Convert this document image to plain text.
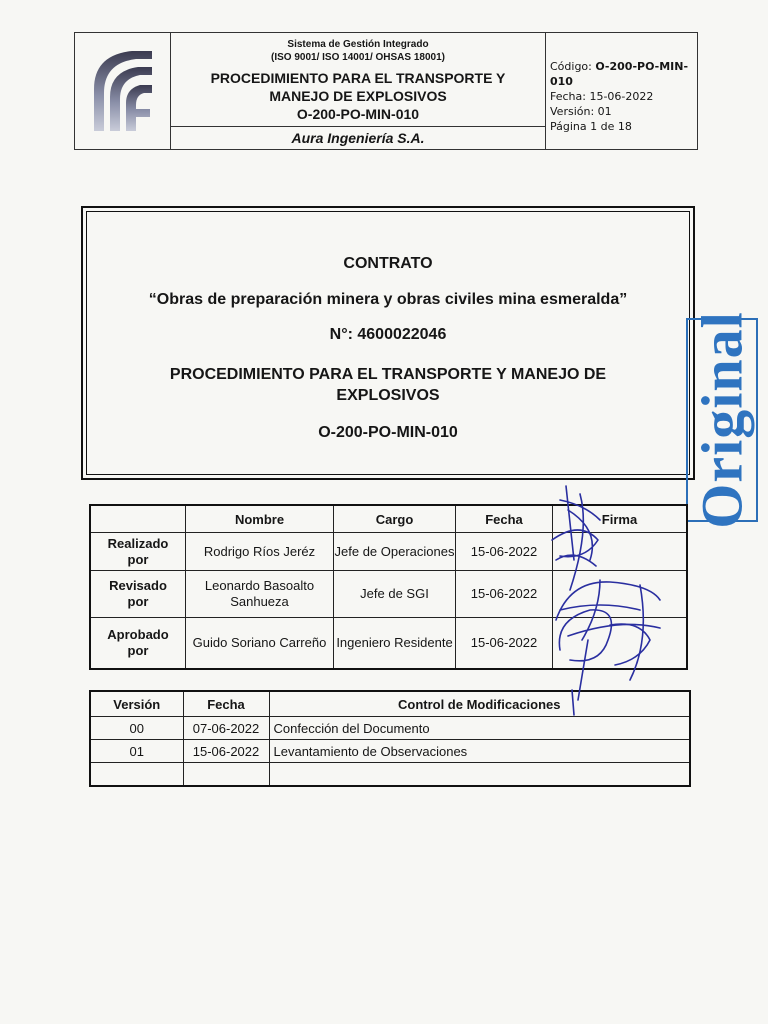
Sistema de Gestión Integrado
(ISO 9001/ ISO 14001/ OHSAS 18001)
PROCEDIMIENTO PARA EL TRANSPORTE Y
MANEJO DE EXPLOSIVOS
O-200-PO-MIN-010
Aura Ingeniería S.A.
Código: O-200-PO-MIN-010
Fecha: 15-06-2022
Versión: 01
Página 1 de 18

CONTRATO

“Obras de preparación minera y obras civiles mina esmeralda”

N°: 4600022046

PROCEDIMIENTO PARA EL TRANSPORTE Y MANEJO DE
EXPLOSIVOS

O-200-PO-MIN-010	Original
	Nombre	Cargo	Fecha	Firma
Realizado
por	Rodrigo Ríos Jeréz	Jefe de Operaciones	15-06-2022	
Revisado
por	Leonardo Basoalto Sanhueza	Jefe de SGI	15-06-2022	
Aprobado
por	Guido Soriano Carreño	Ingeniero Residente	15-06-2022	
Versión	Fecha	Control de Modificaciones
00	07-06-2022	Confección del Documento
01	15-06-2022	Levantamiento de Observaciones
